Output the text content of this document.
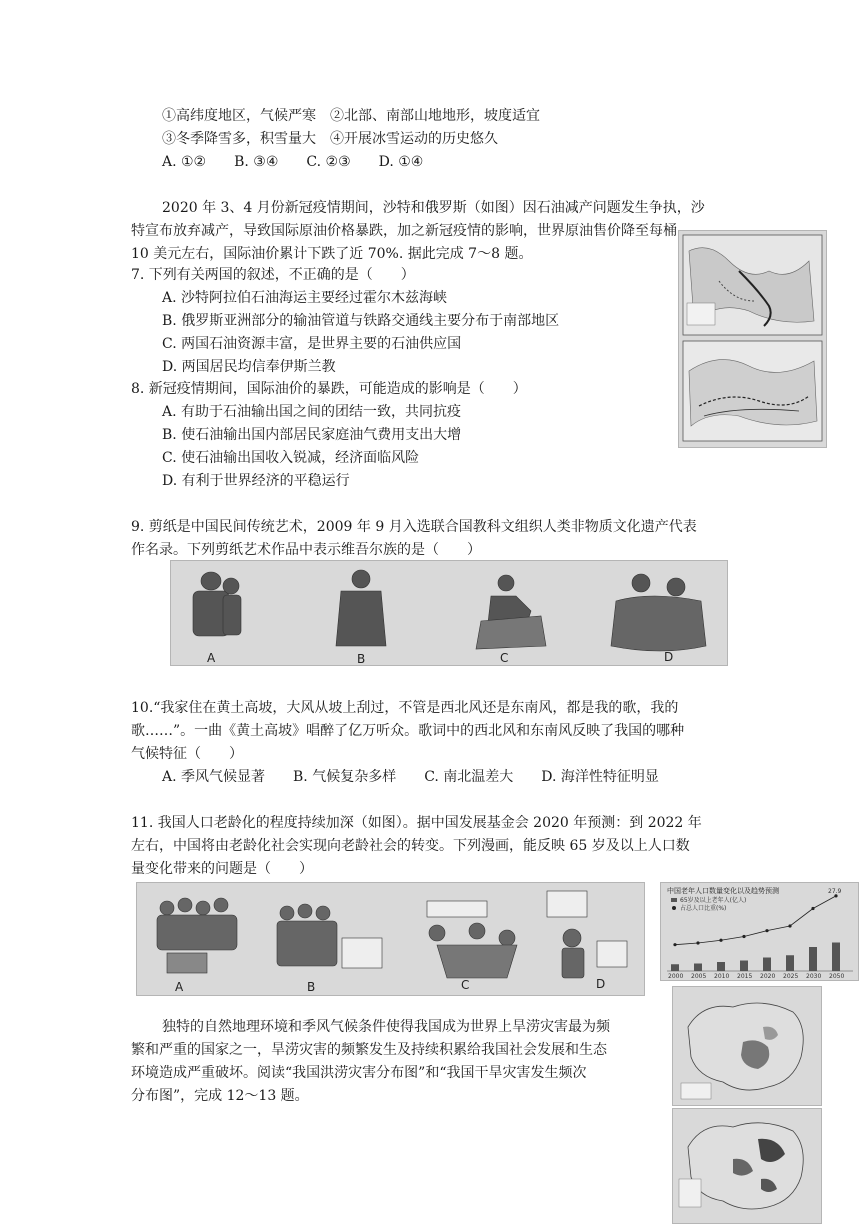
①高纬度地区，气候严寒　②北部、南部山地地形，坡度适宜
③冬季降雪多，积雪量大　④开展冰雪运动的历史悠久
A. ①②　　B. ③④　　C. ②③　　D. ①④
2020 年 3、4 月份新冠疫情期间，沙特和俄罗斯（如图）因石油减产问题发生争执，沙
特宣布放弃减产，导致国际原油价格暴跌，加之新冠疫情的影响，世界原油售价降至每桶
10 美元左右，国际油价累计下跌了近 70%. 据此完成 7～8 题。
7. 下列有关两国的叙述，不正确的是（　　）
A. 沙特阿拉伯石油海运主要经过霍尔木兹海峡
B. 俄罗斯亚洲部分的输油管道与铁路交通线主要分布于南部地区
C. 两国石油资源丰富，是世界主要的石油供应国
D. 两国居民均信奉伊斯兰教
8. 新冠疫情期间，国际油价的暴跌，可能造成的影响是（　　）
A. 有助于石油输出国之间的团结一致，共同抗疫
B. 使石油输出国内部居民家庭油气费用支出大增
C. 使石油输出国收入锐减，经济面临风险
D. 有利于世界经济的平稳运行
9. 剪纸是中国民间传统艺术，2009 年 9 月入选联合国教科文组织人类非物质文化遗产代表
作名录。下列剪纸艺术作品中表示维吾尔族的是（　　）
A	B	C	D
10.“我家住在黄土高坡，大风从坡上刮过，不管是西北风还是东南风，都是我的歌，我的
歌……”。一曲《黄土高坡》唱醉了亿万听众。歌词中的西北风和东南风反映了我国的哪种
气候特征（　　）
A. 季风气候显著　　B. 气候复杂多样　　C. 南北温差大　　D. 海洋性特征明显
11. 我国人口老龄化的程度持续加深（如图）。据中国发展基金会 2020 年预测：到 2022 年
左右，中国将由老龄化社会实现向老龄社会的转变。下列漫画，能反映 65 岁及以上人口数
量变化带来的问题是（　　）
A	B	C	D
中国老年人口数量变化以及趋势预测
65岁及以上老年人(亿人)
占总人口比重(%)
2000 2005 2010 2015 2020 2025 2030 2050
27.9
独特的自然地理环境和季风气候条件使得我国成为世界上旱涝灾害最为频
繁和严重的国家之一，旱涝灾害的频繁发生及持续积累给我国社会发展和生态
环境造成严重破坏。阅读“我国洪涝灾害分布图”和“我国干旱灾害发生频次
分布图”，完成 12～13 题。
